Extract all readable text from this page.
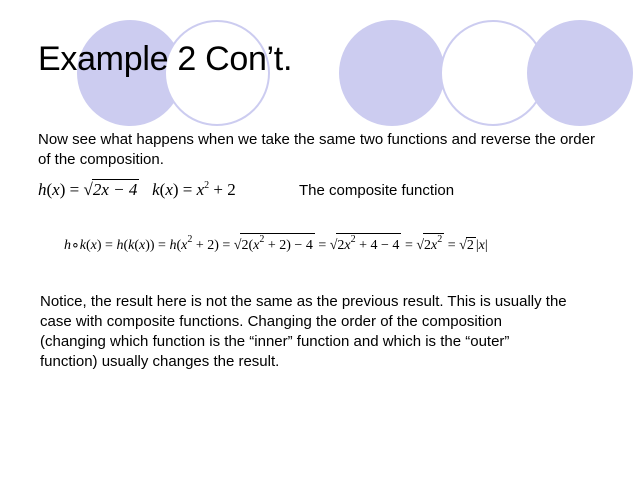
Example 2 Con’t.

Now see what happens when we take the same two functions and reverse the order of the composition.

h(x) = √2x − 4 $k(x) = x^2 + 2$	The composite function
h∘k(x) = $h(k(x)) = h(x^2 + 2) = √2(x^2 + 2) - 4 = √2x^2 + 4 - 4 = √2x^2 = √2$ |x|

Notice, the result here is not the same as the previous result. This is usually the case with composite functions. Changing the order of the composition (changing which function is the “inner” function and which is the “outer” function) usually changes the result.
